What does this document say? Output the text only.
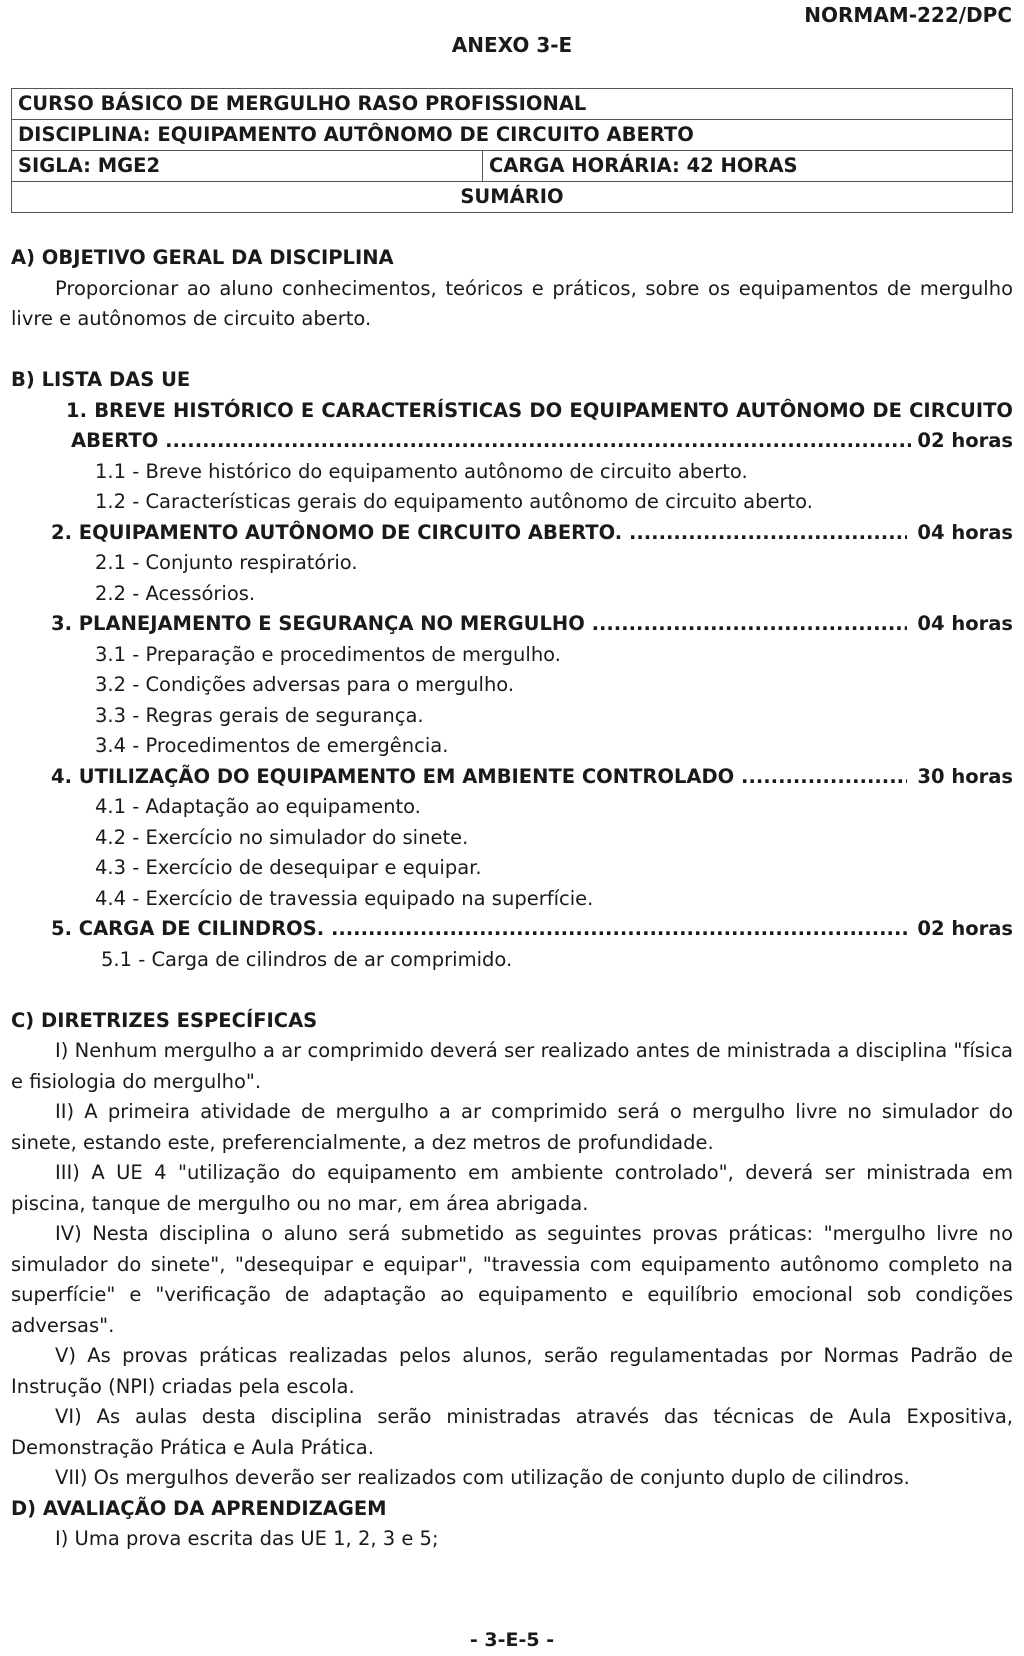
NORMAM-222/DPC
ANEXO 3-E
CURSO BÁSICO DE MERGULHO RASO PROFISSIONAL
DISCIPLINA: EQUIPAMENTO AUTÔNOMO DE CIRCUITO ABERTO
SIGLA: MGE2	CARGA HORÁRIA: 42 HORAS
SUMÁRIO
A) OBJETIVO GERAL DA DISCIPLINA

Proporcionar ao aluno conhecimentos, teóricos e práticos, sobre os equipamentos de mergulho livre e autônomos de circuito aberto.

B) LISTA DAS UE
1. BREVE HISTÓRICO E CARACTERÍSTICAS DO EQUIPAMENTO AUTÔNOMO DE CIRCUITO
ABERTO .....	02 horas
1.1 - Breve histórico do equipamento autônomo de circuito aberto.
1.2 - Características gerais do equipamento autônomo de circuito aberto.
2. EQUIPAMENTO AUTÔNOMO DE CIRCUITO ABERTO. .....	04 horas
2.1 - Conjunto respiratório.
2.2 - Acessórios.
3. PLANEJAMENTO E SEGURANÇA NO MERGULHO .....	04 horas
3.1 - Preparação e procedimentos de mergulho.
3.2 - Condições adversas para o mergulho.
3.3 - Regras gerais de segurança.
3.4 - Procedimentos de emergência.
4. UTILIZAÇÃO DO EQUIPAMENTO EM AMBIENTE CONTROLADO .....	30 horas
4.1 - Adaptação ao equipamento.
4.2 - Exercício no simulador do sinete.
4.3 - Exercício de desequipar e equipar.
4.4 - Exercício de travessia equipado na superfície.
5. CARGA DE CILINDROS. .....	02 horas
5.1 - Carga de cilindros de ar comprimido.
C) DIRETRIZES ESPECÍFICAS

I) Nenhum mergulho a ar comprimido deverá ser realizado antes de ministrada a disciplina "física e fisiologia do mergulho".

II) A primeira atividade de mergulho a ar comprimido será o mergulho livre no simulador do sinete, estando este, preferencialmente, a dez metros de profundidade.

III) A UE 4 "utilização do equipamento em ambiente controlado", deverá ser ministrada em piscina, tanque de mergulho ou no mar, em área abrigada.

IV) Nesta disciplina o aluno será submetido as seguintes provas práticas: "mergulho livre no simulador do sinete", "desequipar e equipar", "travessia com equipamento autônomo completo na superfície" e "verificação de adaptação ao equipamento e equilíbrio emocional sob condições adversas".

V) As provas práticas realizadas pelos alunos, serão regulamentadas por Normas Padrão de Instrução (NPI) criadas pela escola.

VI) As aulas desta disciplina serão ministradas através das técnicas de Aula Expositiva, Demonstração Prática e Aula Prática.

VII) Os mergulhos deverão ser realizados com utilização de conjunto duplo de cilindros.

D) AVALIAÇÃO DA APRENDIZAGEM

I) Uma prova escrita das UE 1, 2, 3 e 5;

- 3-E-5 -
